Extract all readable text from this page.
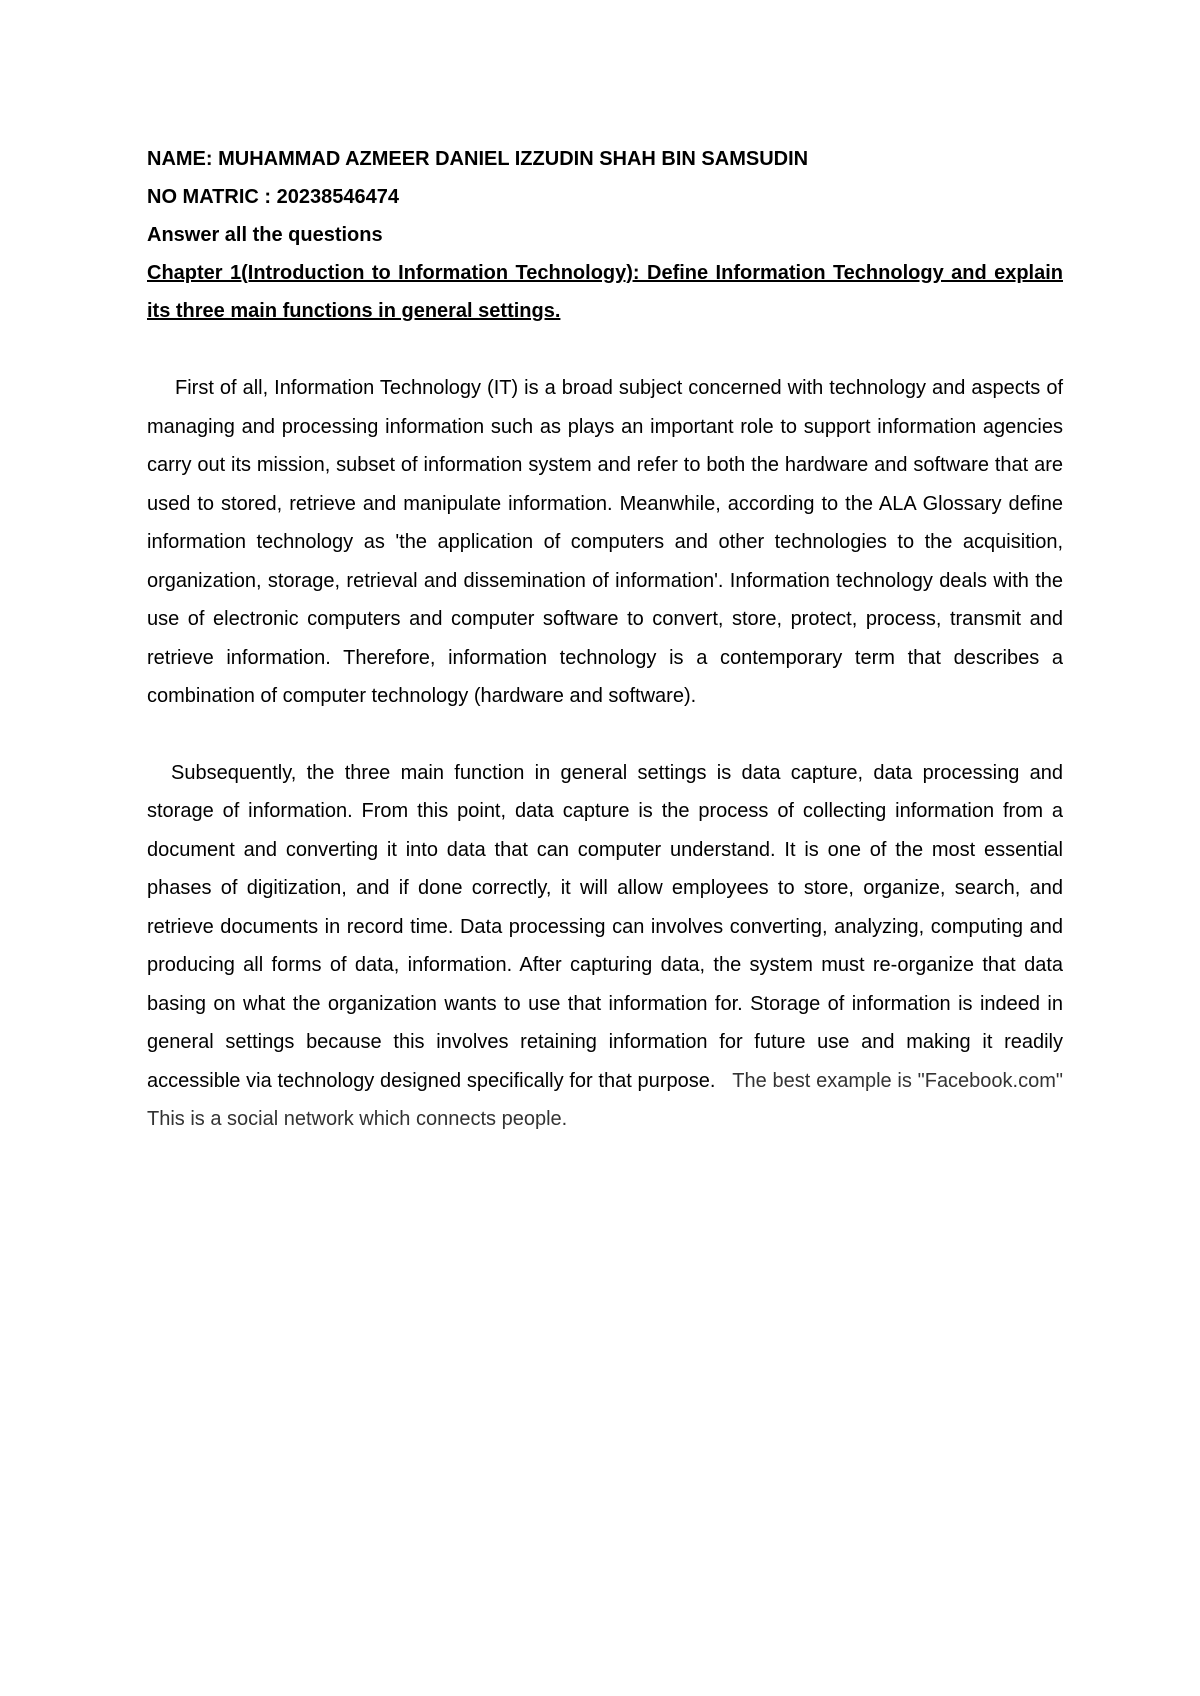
NAME: MUHAMMAD AZMEER DANIEL IZZUDIN SHAH BIN SAMSUDIN

NO MATRIC : 20238546474

Answer all the questions

Chapter 1(Introduction to Information Technology): Define Information Technology and explain its three main functions in general settings.

First of all, Information Technology (IT) is a broad subject concerned with technology and aspects of managing and processing information such as plays an important role to support information agencies carry out its mission, subset of information system and refer to both the hardware and software that are used to stored, retrieve and manipulate information. Meanwhile, according to the ALA Glossary define information technology as 'the application of computers and other technologies to the acquisition, organization, storage, retrieval and dissemination of information'. Information technology deals with the use of electronic computers and computer software to convert, store, protect, process, transmit and retrieve information. Therefore, information technology is a contemporary term that describes a combination of computer technology (hardware and software).

Subsequently, the three main function in general settings is data capture, data processing and storage of information. From this point, data capture is the process of collecting information from a document and converting it into data that can computer understand. It is one of the most essential phases of digitization, and if done correctly, it will allow employees to store, organize, search, and retrieve documents in record time. Data processing can involves converting, analyzing, computing and producing all forms of data, information. After capturing data, the system must re-organize that data basing on what the organization wants to use that information for. Storage of information is indeed in general settings because this involves retaining information for future use and making it readily accessible via technology designed specifically for that purpose. The best example is "Facebook.com" This is a social network which connects people.
